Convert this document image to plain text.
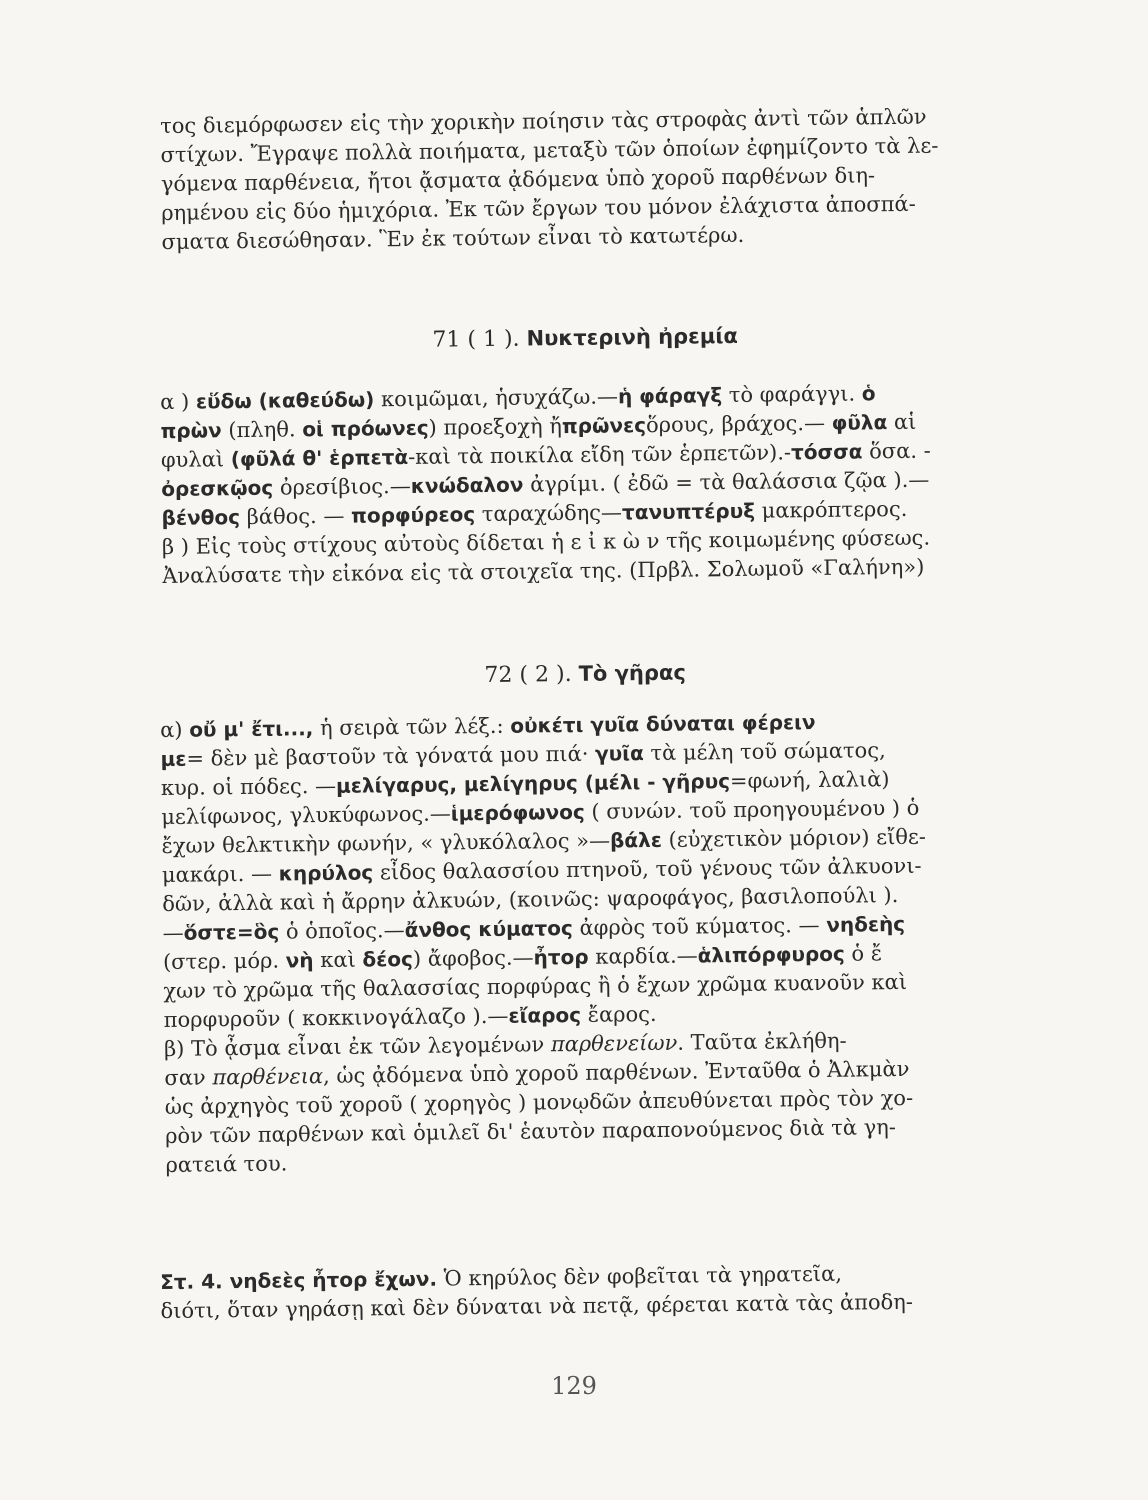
τος διεμόρφωσεν εἰς τὴν χορικὴν ποίησιν τὰς στροφὰς ἀντὶ τῶν ἁπλῶν
στίχων. Ἔγραψε πολλὰ ποιήματα, μεταξὺ τῶν ὁποίων ἐφημίζοντο τὰ λε-
γόμενα παρθένεια, ἤτοι ᾄσματα ᾀδόμενα ὑπὸ χοροῦ παρθένων διη-
ρημένου εἰς δύο ἡμιχόρια. Ἐκ τῶν ἔργων του μόνον ἐλάχιστα ἀποσπά-
σματα διεσώθησαν. Ἓν ἐκ τούτων εἶναι τὸ κατωτέρω.
71 ( 1 ). Νυκτερινὴ ἠρεμία
α ) εὕδω (καθεύδω) κοιμῶμαι, ἡσυχάζω.—ἡ φάραγξ τὸ φαράγγι. ὁ
πρὼν (πληθ. οἱ πρόωνες) προεξοχὴ ἤπρῶνεςὅρους, βράχος.— φῦλα αἱ
φυλαὶ (φῦλά θ' ἑρπετὰ-καὶ τὰ ποικίλα εἴδη τῶν ἑρπετῶν).-τόσσα ὅσα. -
ὀρεσκῷος ὀρεσίβιος.—κνώδαλον ἀγρίμι. ( ἐδῶ = τὰ θαλάσσια ζῷα ).—
βένθος βάθος. — πορφύρεος ταραχώδης—τανυπτέρυξ μακρόπτερος.
β ) Εἰς τοὺς στίχους αὐτοὺς δίδεται ἡ ε ἰ κ ὼ ν τῆς κοιμωμένης φύσεως.
Ἀναλύσατε τὴν εἰκόνα εἰς τὰ στοιχεῖα της. (Πρβλ. Σολωμοῦ «Γαλήνη»)
72 ( 2 ). Τὸ γῆρας
α) οὔ μ' ἔτι..., ἡ σειρὰ τῶν λέξ.: οὐκέτι γυῖα δύναται φέρειν
με= δὲν μὲ βαστοῦν τὰ γόνατά μου πιά· γυῖα τὰ μέλη τοῦ σώματος,
κυρ. οἱ πόδες. —μελίγαρυς, μελίγηρυς (μέλι - γῆρυς=φωνή, λαλιὰ)
μελίφωνος, γλυκύφωνος.—ἱμερόφωνος ( συνών. τοῦ προηγουμένου ) ὁ
ἔχων θελκτικὴν φωνήν, « γλυκόλαλος »—βάλε (εὐχετικὸν μόριον) εἴθε-
μακάρι. — κηρύλος εἶδος θαλασσίου πτηνοῦ, τοῦ γένους τῶν ἀλκυονι-
δῶν, ἀλλὰ καὶ ἡ ἄρρην ἀλκυών, (κοινῶς: ψαροφάγος, βασιλοπούλι ).
—ὅστε=ὃς ὁ ὁποῖος.—ἄνθος κύματος ἀφρὸς τοῦ κύματος. — νηδεὴς
(στερ. μόρ. νὴ καὶ δέος) ἄφοβος.—ἦτορ καρδία.—ἁλιπόρφυρος ὁ ἔ
χων τὸ χρῶμα τῆς θαλασσίας πορφύρας ἢ ὁ ἔχων χρῶμα κυανοῦν καὶ
πορφυροῦν ( κοκκινογάλαζο ).—εἴαρος ἔαρος.
β) Τὸ ᾆσμα εἶναι ἐκ τῶν λεγομένων παρθενείων. Ταῦτα ἐκλήθη-
σαν παρθένεια, ὡς ᾀδόμενα ὑπὸ χοροῦ παρθένων. Ἐνταῦθα ὁ Ἀλκμὰν
ὡς ἀρχηγὸς τοῦ χοροῦ ( χορηγὸς ) μονῳδῶν ἀπευθύνεται πρὸς τὸν χο-
ρὸν τῶν παρθένων καὶ ὁμιλεῖ δι' ἑαυτὸν παραπονούμενος διὰ τὰ γη-
ρατειά του.
Στ. 4. νηδεὲς ἦτορ ἔχων. Ὁ κηρύλος δὲν φοβεῖται τὰ γηρατεῖα,
διότι, ὅταν γηράσῃ καὶ δὲν δύναται νὰ πετᾷ, φέρεται κατὰ τὰς ἀποδη-
129
